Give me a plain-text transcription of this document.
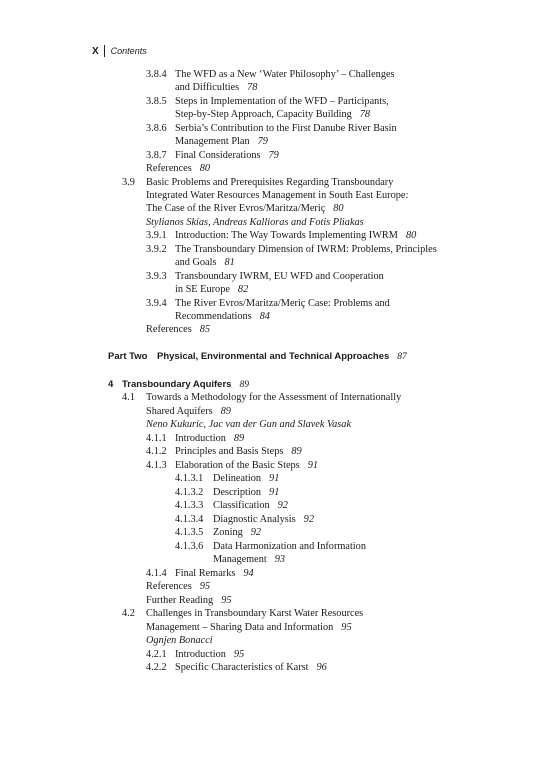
X Contents
3.8.4 The WFD as a New ‘Water Philosophy’ – Challenges
and Difficulties 78
3.8.5 Steps in Implementation of the WFD – Participants,
Step-by-Step Approach, Capacity Building 78
3.8.6 Serbia’s Contribution to the First Danube River Basin
Management Plan 79
3.8.7 Final Considerations 79
References 80
3.9 Basic Problems and Prerequisites Regarding Transboundary
Integrated Water Resources Management in South East Europe:
The Case of the River Evros/Maritza/Meriç 80
Stylianos Skias, Andreas Kallioras and Fotis Pliakas
3.9.1 Introduction: The Way Towards Implementing IWRM 80
3.9.2 The Transboundary Dimension of IWRM: Problems, Principles
and Goals 81
3.9.3 Transboundary IWRM, EU WFD and Cooperation
in SE Europe 82
3.9.4 The River Evros/Maritza/Meriç Case: Problems and
Recommendations 84
References 85
Part Two Physical, Environmental and Technical Approaches 87
4 Transboundary Aquifers 89
4.1 Towards a Methodology for the Assessment of Internationally
Shared Aquifers 89
Neno Kukuric, Jac van der Gun and Slavek Vasak
4.1.1 Introduction 89
4.1.2 Principles and Basis Steps 89
4.1.3 Elaboration of the Basic Steps 91
4.1.3.1 Delineation 91
4.1.3.2 Description 91
4.1.3.3 Classification 92
4.1.3.4 Diagnostic Analysis 92
4.1.3.5 Zoning 92
4.1.3.6 Data Harmonization and Information
Management 93
4.1.4 Final Remarks 94
References 95
Further Reading 95
4.2 Challenges in Transboundary Karst Water Resources
Management – Sharing Data and Information 95
Ognjen Bonacci
4.2.1 Introduction 95
4.2.2 Specific Characteristics of Karst 96
